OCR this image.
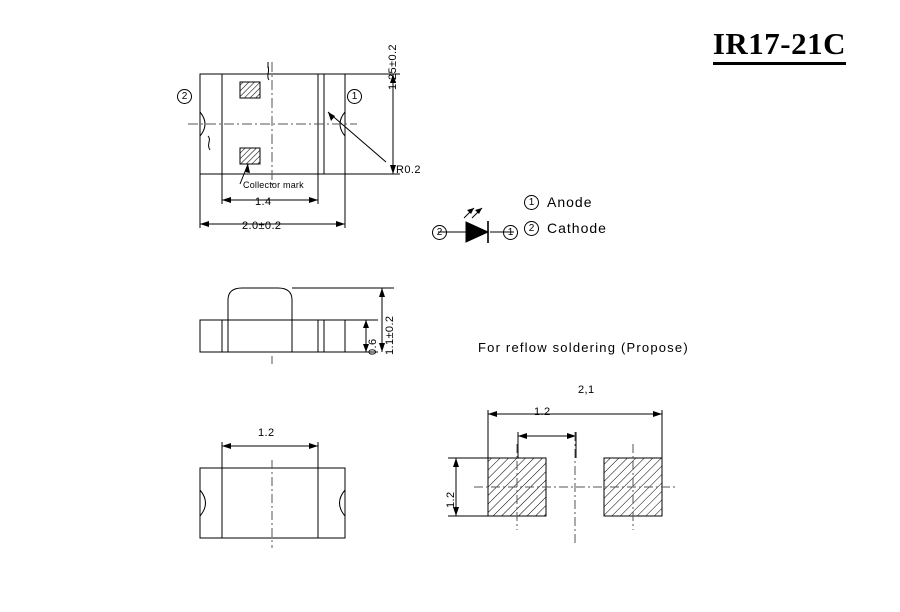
IR17-21C
2	1
1.25±0.2
R0.2
1.4
2.0±0.2
Collector mark
2	1
1 Anode
2 Cathode
0.6 1.1±0.2
1.2
For reflow soldering (Propose)
2,1
1.2
1.2
